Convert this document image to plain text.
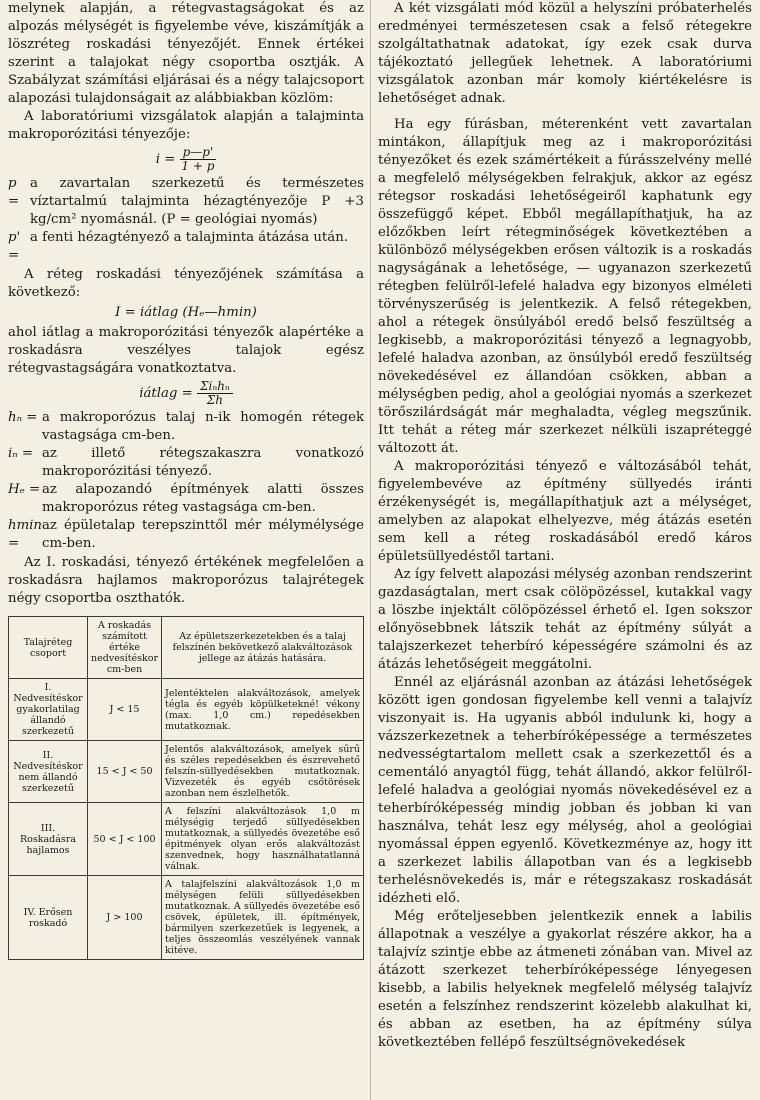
melynek alapján, a rétegvastagságokat és az alpozás mélységét is figyelembe véve, kiszámítják a löszréteg roskadási tényezőjét. Ennek értékei szerint a talajokat négy csoportba osztják. A Szabályzat számítási eljárásai és a négy talajcsoport alapozási tulajdonságait az alábbiakban közlöm:

A laboratóriumi vizsgálatok alapján a talajminta makroporózitási tényezője:

$i = \frac{p—p'}{1 + p}$
p =
a zavartalan szerkezetű és természetes víztartalmú talajminta hézagtényezője P +3 kg/cm² nyomásnál. (P = geológiai nyomás)
p' =
a fenti hézagtényező a talajminta átázása után.

A réteg roskadási tényezőjének számítása a következő:

I = iátlag (Hₑ—hmin)

ahol iátlag a makroporózitási tényezők alapértéke a roskadásra veszélyes talajok egész rétegvastagságára vonatkoztatva.

iátlag = $\frac{\text{Σiₙhₙ}}{\Sigma h}$
hₙ = a makroporózus talaj n-ik homogén rétegek vastagsága cm-ben.
iₙ = az illető rétegszakaszra vonatkozó makroporózitási tényező.
Hₑ = az alapozandó építmények alatti összes makroporózus réteg vastagsága cm-ben.
hmin =
az épületalap terepszinttől mér mélymélysége cm-ben.

Az I. roskadási, tényező értékének megfelelően a roskadásra hajlamos makroporózus talajrétegek négy csoportba oszthatók.

Talajréteg csoport	A roskadás számított értéke nedvesítéskor cm-ben	Az épületszerkezetekben és a talaj felszínén bekövetkező alakváltozások jellege az átázás hatására.
I. Nedvesítéskor gyakorlatilag állandó szerkezetű	J < 15	Jelentéktelen alakváltozások, amelyek tégla és egyéb köpülketekné! vékony (max. 1,0 cm.) repedésekben mutatkoznak.
II. Nedvesítéskor nem állandó szerkezetű	15 < J < 50	Jelentős alakváltozások, amelyek sűrű és széles repedésekben és észrevehető felszín-süllyedésekben mutatkoznak. Vizvezeték és egyéb csőtörések azonban nem észlelhetők.
III. Roskadásra hajlamos	50 < J < 100	A felszíni alakváltozások 1,0 m mélységig terjedő süllyedésekben mutatkoznak, a süllyedés övezetébe eső épitmények olyan erős alakváltozást szenvednek, hogy használhatatlanná válnak.
IV. Erősen roskadó	J > 100	A talajfelszíni alakváltozások 1,0 m mélységen felüli süllyedésekben mutatkoznak. A süllyedés övezetébe eső csövek, épületek, ill. építmények, bármilyen szerkezetűek is legyenek, a teljes összeomlás veszélyének vannak kitéve.

A két vizsgálati mód közül a helyszíni próbaterhelés eredményei természetesen csak a felső rétegekre szolgáltathatnak adatokat, így ezek csak durva tájékoztató jellegűek lehetnek. A laboratóriumi vizsgálatok azonban már komoly kiértékelésre is lehetőséget adnak.

Ha egy fúrásban, méterenként vett zavartalan mintákon, állapítjuk meg az i makroporózitási tényezőket és ezek számértékeit a fúrásszelvény mellé a megfelelő mélységekben felrakjuk, akkor az egész rétegsor roskadási lehetőségeiről kaphatunk egy összefüggő képet. Ebből megállapíthatjuk, ha az előzőkben leírt rétegminőségek következtében a különböző mélységekben erősen változik is a roskadás nagyságának a lehetősége, — ugyanazon szerkezetű rétegben felülről-lefelé haladva egy bizonyos elméleti törvényszerűség is jelentkezik. A felső rétegekben, ahol a rétegek önsúlyából eredő belső feszültség a legkisebb, a makroporózitási tényező a legnagyobb, lefelé haladva azonban, az önsúlyból eredő feszültség növekedésével ez állandóan csökken, abban a mélységben pedig, ahol a geológiai nyomás a szerkezet törőszilárdságát már meghaladta, végleg megszűnik. Itt tehát a réteg már szerkezet nélküli iszapréteggé változott át.

A makroporózitási tényező e változásából tehát, figyelembevéve az építmény süllyedés iránti érzékenységét is, megállapíthatjuk azt a mélységet, amelyben az alapokat elhelyezve, még átázás esetén sem kell a réteg roskadásából eredő káros épületsüllyedéstől tartani.

Az így felvett alapozási mélység azonban rendszerint gazdaságtalan, mert csak cölöpözéssel, kutakkal vagy a löszbe injektált cölöpözéssel érhető el. Igen sokszor előnyösebbnek látszik tehát az építmény súlyát a talajszerkezet teherbíró képességére számolni és az átázás lehetőségeit meggátolni.

Ennél az eljárásnál azonban az átázási lehetőségek között igen gondosan figyelembe kell venni a talajvíz viszonyait is. Ha ugyanis abból indulunk ki, hogy a vázszerkezetnek a teherbíróképessége a természetes nedvességtartalom mellett csak a szerkezettől és a cementáló anyagtól függ, tehát állandó, akkor felülről-lefelé haladva a geológiai nyomás növekedésével ez a teherbíróképesség mindig jobban és jobban ki van használva, tehát lesz egy mélység, ahol a geológiai nyomással éppen egyenlő. Következménye az, hogy itt a szerkezet labilis állapotban van és a legkisebb terhelésnövekedés is, már e rétegszakasz roskadását idézheti elő.

Még erőteljesebben jelentkezik ennek a labilis állapotnak a veszélye a gyakorlat részére akkor, ha a talajvíz szintje ebbe az átmeneti zónában van. Mivel az átázott szerkezet teherbíróképessége lényegesen kisebb, a labilis helyeknek megfelelő mélység talajvíz esetén a felszínhez rendszerint közelebb alakulhat ki, és abban az esetben, ha az építmény súlya következtében fellépő feszültségnövekedések
